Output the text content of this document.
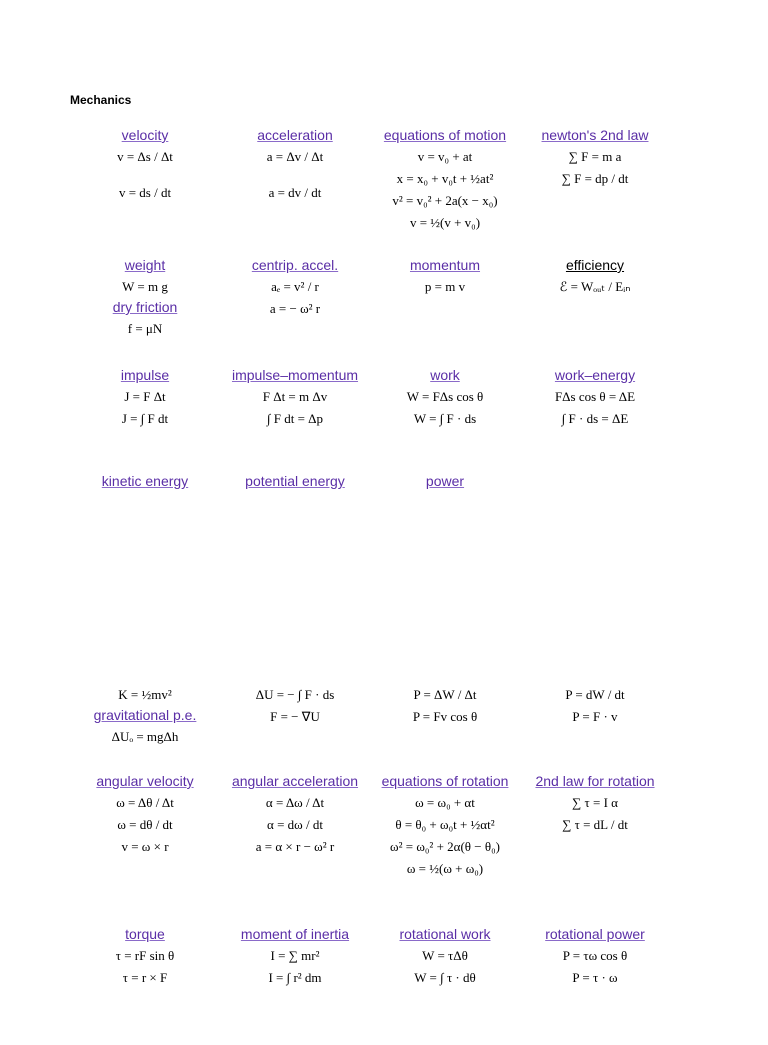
Mechanics
velocity
v = Δs / Δt
v = ds / dt
acceleration
a = Δv / Δt
a = dv / dt
equations of motion
v = v₀ + at
x = x₀ + v₀t + ½at²
v² = v₀² + 2a(x − x₀)
v = ½(v + v₀)
newton's 2nd law
∑ F = m a
∑ F = dp / dt
weight
W = m g
dry friction
f = μN
centrip. accel.
aₑ = v² / r
a = − ω² r
momentum
p = m v
efficiency
ℰ = Wₒᵤₜ / Eᵢₙ
impulse
J = F Δt
J = ∫ F dt
impulse–momentum
F Δt = m Δv
∫ F dt = Δp
work
W = FΔs cos θ
W = ∫ F · ds
work–energy
FΔs cos θ = ΔE
∫ F · ds = ΔE
kinetic energy	potential energy	power
K = ½mv²
gravitational p.e.
ΔUₒ = mgΔh
ΔU = − ∫ F · ds
F = − ∇U
P = ΔW / Δt
P = Fv cos θ
P = dW / dt
P = F · v
angular velocity
ω = Δθ / Δt
ω = dθ / dt
v = ω × r
angular acceleration
α = Δω / Δt
α = dω / dt
a = α × r − ω² r
equations of rotation
ω = ω₀ + αt
θ = θ₀ + ω₀t + ½αt²
ω² = ω₀² + 2α(θ − θ₀)
ω = ½(ω + ω₀)
2nd law for rotation
∑ τ = I α
∑ τ = dL / dt
torque
τ = rF sin θ
τ = r × F
moment of inertia
I = ∑ mr²
I = ∫ r² dm
rotational work
W = τΔθ
W = ∫ τ · dθ
rotational power
P = τω cos θ
P = τ · ω
